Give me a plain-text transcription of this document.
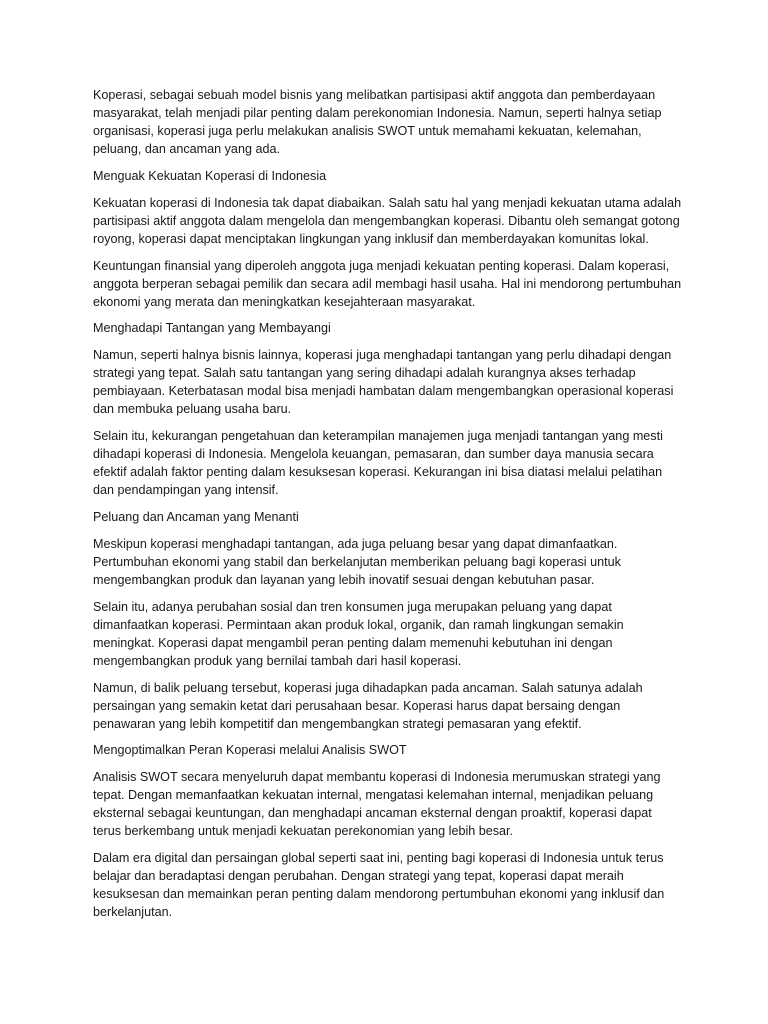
Koperasi, sebagai sebuah model bisnis yang melibatkan partisipasi aktif anggota dan pemberdayaan masyarakat, telah menjadi pilar penting dalam perekonomian Indonesia. Namun, seperti halnya setiap organisasi, koperasi juga perlu melakukan analisis SWOT untuk memahami kekuatan, kelemahan, peluang, dan ancaman yang ada.

Menguak Kekuatan Koperasi di Indonesia

Kekuatan koperasi di Indonesia tak dapat diabaikan. Salah satu hal yang menjadi kekuatan utama adalah partisipasi aktif anggota dalam mengelola dan mengembangkan koperasi. Dibantu oleh semangat gotong royong, koperasi dapat menciptakan lingkungan yang inklusif dan memberdayakan komunitas lokal.

Keuntungan finansial yang diperoleh anggota juga menjadi kekuatan penting koperasi. Dalam koperasi, anggota berperan sebagai pemilik dan secara adil membagi hasil usaha. Hal ini mendorong pertumbuhan ekonomi yang merata dan meningkatkan kesejahteraan masyarakat.

Menghadapi Tantangan yang Membayangi

Namun, seperti halnya bisnis lainnya, koperasi juga menghadapi tantangan yang perlu dihadapi dengan strategi yang tepat. Salah satu tantangan yang sering dihadapi adalah kurangnya akses terhadap pembiayaan. Keterbatasan modal bisa menjadi hambatan dalam mengembangkan operasional koperasi dan membuka peluang usaha baru.

Selain itu, kekurangan pengetahuan dan keterampilan manajemen juga menjadi tantangan yang mesti dihadapi koperasi di Indonesia. Mengelola keuangan, pemasaran, dan sumber daya manusia secara efektif adalah faktor penting dalam kesuksesan koperasi. Kekurangan ini bisa diatasi melalui pelatihan dan pendampingan yang intensif.

Peluang dan Ancaman yang Menanti

Meskipun koperasi menghadapi tantangan, ada juga peluang besar yang dapat dimanfaatkan. Pertumbuhan ekonomi yang stabil dan berkelanjutan memberikan peluang bagi koperasi untuk mengembangkan produk dan layanan yang lebih inovatif sesuai dengan kebutuhan pasar.

Selain itu, adanya perubahan sosial dan tren konsumen juga merupakan peluang yang dapat dimanfaatkan koperasi. Permintaan akan produk lokal, organik, dan ramah lingkungan semakin meningkat. Koperasi dapat mengambil peran penting dalam memenuhi kebutuhan ini dengan mengembangkan produk yang bernilai tambah dari hasil koperasi.

Namun, di balik peluang tersebut, koperasi juga dihadapkan pada ancaman. Salah satunya adalah persaingan yang semakin ketat dari perusahaan besar. Koperasi harus dapat bersaing dengan penawaran yang lebih kompetitif dan mengembangkan strategi pemasaran yang efektif.

Mengoptimalkan Peran Koperasi melalui Analisis SWOT

Analisis SWOT secara menyeluruh dapat membantu koperasi di Indonesia merumuskan strategi yang tepat. Dengan memanfaatkan kekuatan internal, mengatasi kelemahan internal, menjadikan peluang eksternal sebagai keuntungan, dan menghadapi ancaman eksternal dengan proaktif, koperasi dapat terus berkembang untuk menjadi kekuatan perekonomian yang lebih besar.

Dalam era digital dan persaingan global seperti saat ini, penting bagi koperasi di Indonesia untuk terus belajar dan beradaptasi dengan perubahan. Dengan strategi yang tepat, koperasi dapat meraih kesuksesan dan memainkan peran penting dalam mendorong pertumbuhan ekonomi yang inklusif dan berkelanjutan.
